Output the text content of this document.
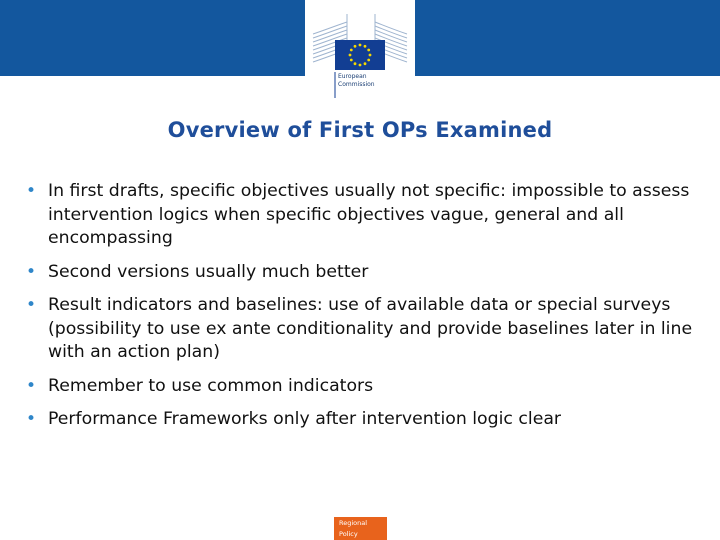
European
Commission
Overview of First OPs Examined
• In first drafts, specific objectives usually not specific: impossible to assess intervention logics when specific objectives vague, general and all encompassing
• Second versions usually much better
• Result indicators and baselines: use of available data or special surveys (possibility to use ex ante conditionality and provide baselines later in line with an action plan)
• Remember to use common indicators
• Performance Frameworks only after intervention logic clear
Regional
Policy
